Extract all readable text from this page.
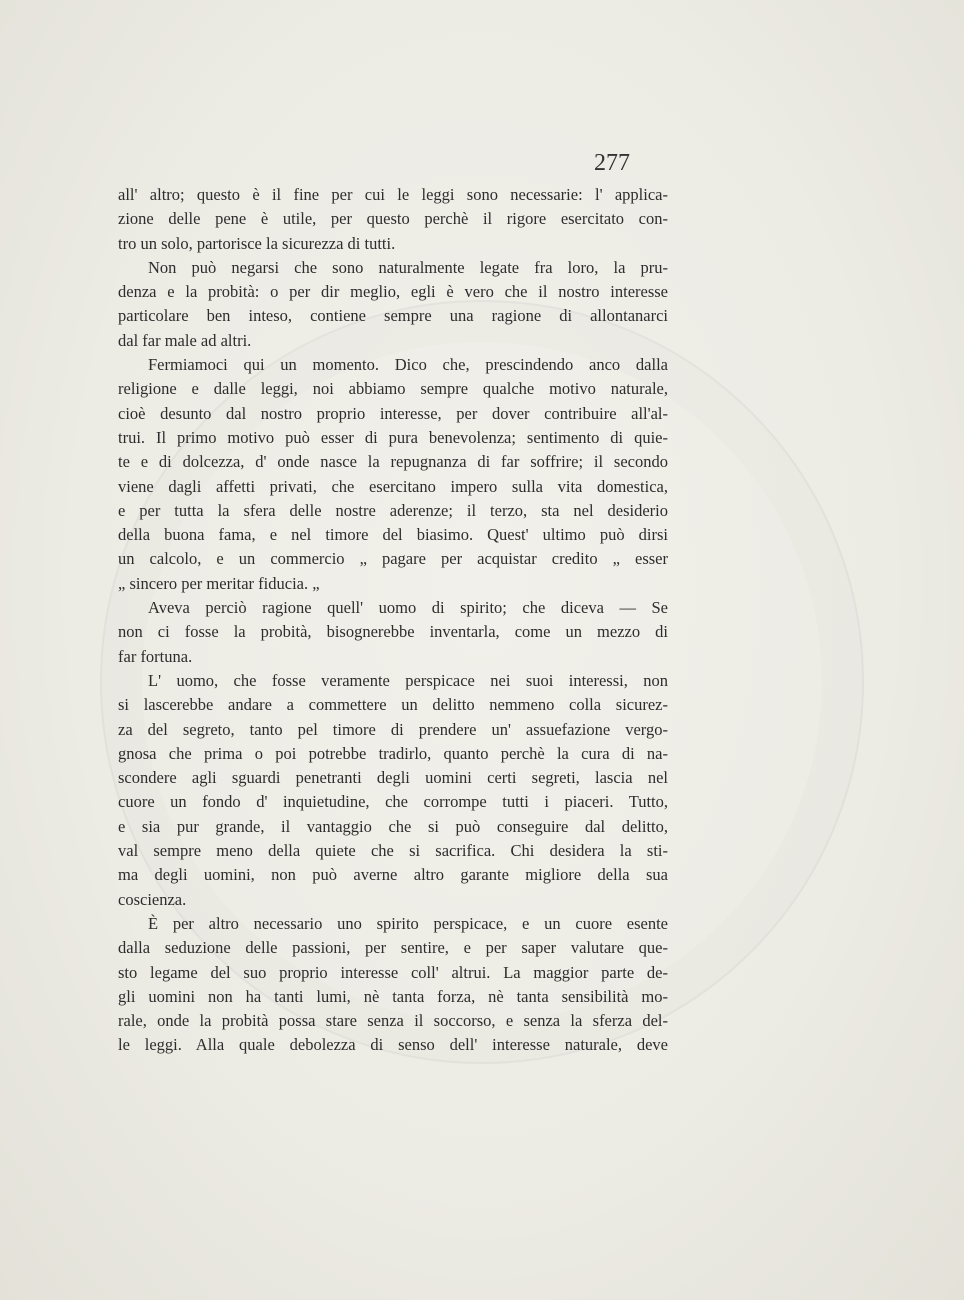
277
all' altro; questo è il fine per cui le leggi sono necessarie: l' applica-
zione delle pene è utile, per questo perchè il rigore esercitato con-
tro un solo, partorisce la sicurezza di tutti.
Non può negarsi che sono naturalmente legate fra loro, la pru-
denza e la probità: o per dir meglio, egli è vero che il nostro interesse
particolare ben inteso, contiene sempre una ragione di allontanarci
dal far male ad altri.
Fermiamoci qui un momento. Dico che, prescindendo anco dalla
religione e dalle leggi, noi abbiamo sempre qualche motivo naturale,
cioè desunto dal nostro proprio interesse, per dover contribuire all'al-
trui. Il primo motivo può esser di pura benevolenza; sentimento di quie-
te e di dolcezza, d' onde nasce la repugnanza di far soffrire; il secondo
viene dagli affetti privati, che esercitano impero sulla vita domestica,
e per tutta la sfera delle nostre aderenze; il terzo, sta nel desiderio
della buona fama, e nel timore del biasimo. Quest' ultimo può dirsi
un calcolo, e un commercio „ pagare per acquistar credito „ esser
„ sincero per meritar fiducia. „
Aveva perciò ragione quell' uomo di spirito; che diceva — Se
non ci fosse la probità, bisognerebbe inventarla, come un mezzo di
far fortuna.
L' uomo, che fosse veramente perspicace nei suoi interessi, non
si lascerebbe andare a commettere un delitto nemmeno colla sicurez-
za del segreto, tanto pel timore di prendere un' assuefazione vergo-
gnosa che prima o poi potrebbe tradirlo, quanto perchè la cura di na-
scondere agli sguardi penetranti degli uomini certi segreti, lascia nel
cuore un fondo d' inquietudine, che corrompe tutti i piaceri. Tutto,
e sia pur grande, il vantaggio che si può conseguire dal delitto,
val sempre meno della quiete che si sacrifica. Chi desidera la sti-
ma degli uomini, non può averne altro garante migliore della sua
coscienza.
È per altro necessario uno spirito perspicace, e un cuore esente
dalla seduzione delle passioni, per sentire, e per saper valutare que-
sto legame del suo proprio interesse coll' altrui. La maggior parte de-
gli uomini non ha tanti lumi, nè tanta forza, nè tanta sensibilità mo-
rale, onde la probità possa stare senza il soccorso, e senza la sferza del-
le leggi. Alla quale debolezza di senso dell' interesse naturale, deve
